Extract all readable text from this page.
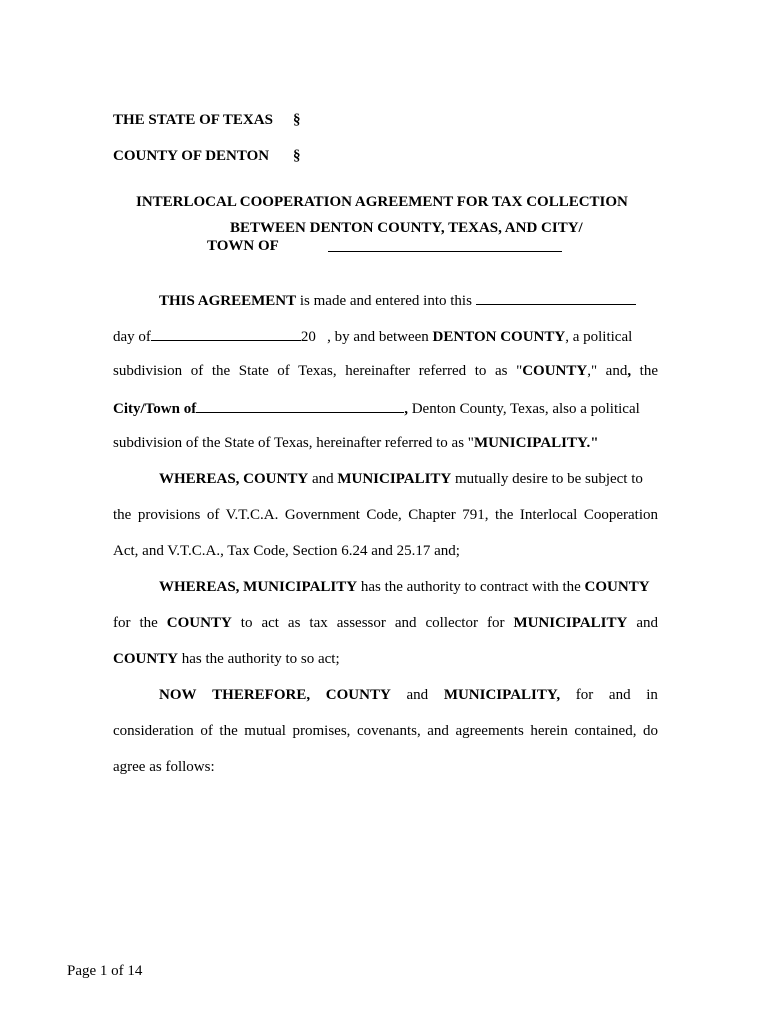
THE STATE OF TEXAS §
COUNTY OF DENTON §
INTERLOCAL COOPERATION AGREEMENT FOR TAX COLLECTION
BETWEEN DENTON COUNTY, TEXAS, AND CITY/
TOWN OF
THIS AGREEMENT is made and entered into this
day of	20   , by and between DENTON COUNTY, a political
subdivision of the State of Texas, hereinafter referred to as "COUNTY," and, the
City/Town of	, Denton County, Texas, also a political
subdivision of the State of Texas, hereinafter referred to as "MUNICIPALITY."
WHEREAS, COUNTY and MUNICIPALITY mutually desire to be subject to
the provisions of V.T.C.A. Government Code, Chapter 791, the Interlocal Cooperation
Act, and V.T.C.A., Tax Code, Section 6.24 and 25.17 and;
WHEREAS, MUNICIPALITY has the authority to contract with the COUNTY
for the COUNTY to act as tax assessor and collector for MUNICIPALITY and
COUNTY has the authority to so act;
NOW THEREFORE, COUNTY and MUNICIPALITY, for and in
consideration of the mutual promises, covenants, and agreements herein contained, do
agree as follows:
Page 1 of 14
